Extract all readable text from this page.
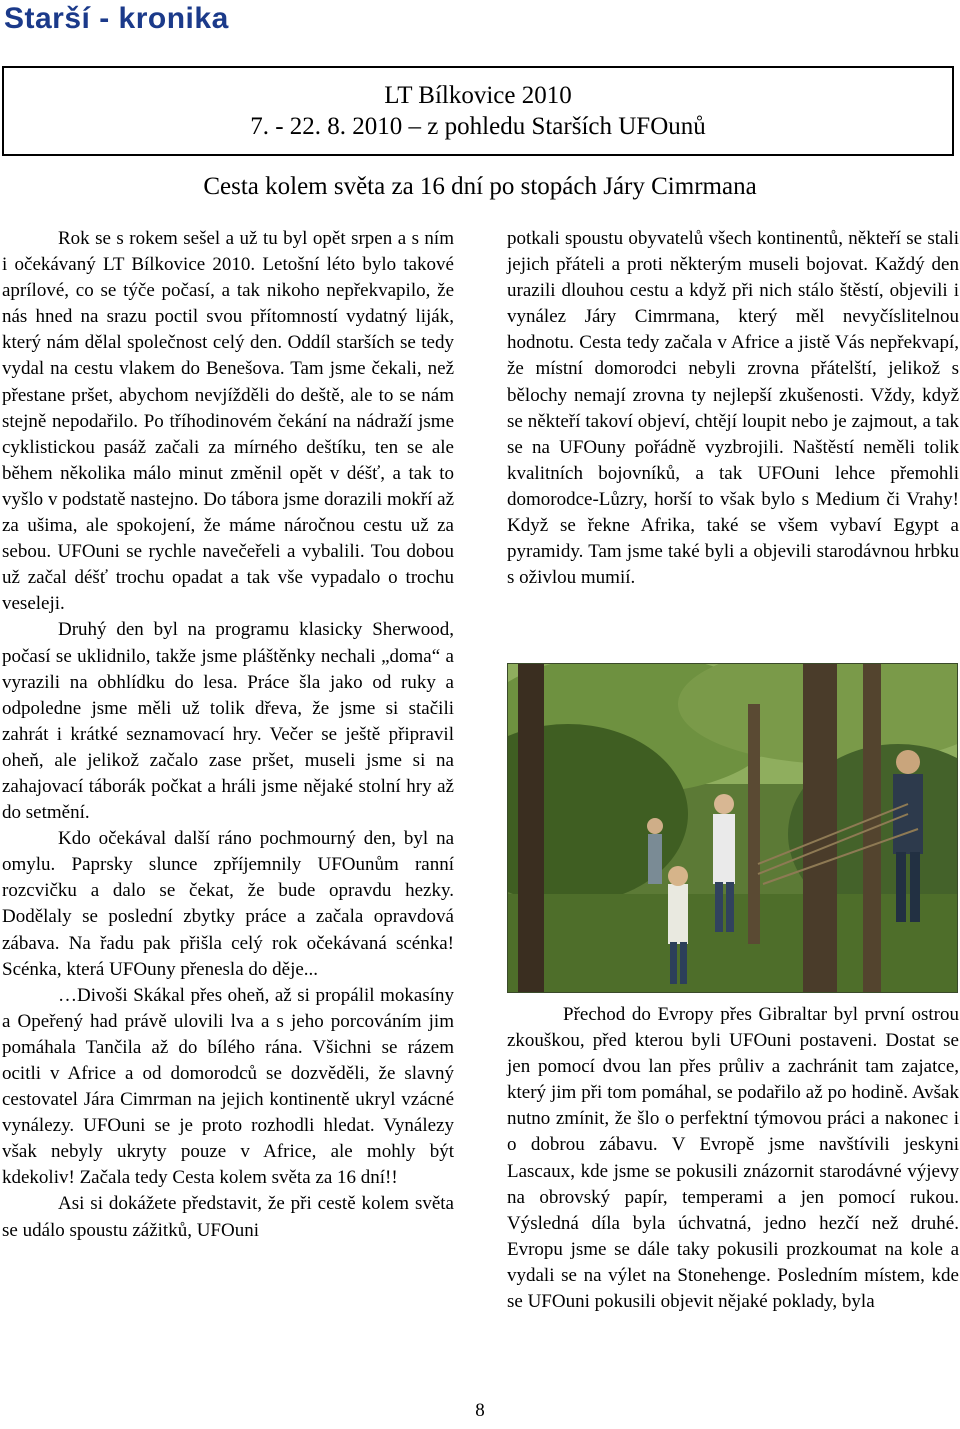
Starší - kronika
LT Bílkovice 2010
7. - 22. 8. 2010 – z pohledu Starších UFOunů
Cesta kolem světa za 16 dní po stopách Járy Cimrmana

Rok se s rokem sešel a už tu byl opět srpen a s ním i očekávaný LT Bílkovice 2010. Letošní léto bylo takové aprílové, co se týče počasí, a tak nikoho nepřekvapilo, že nás hned na srazu poctil svou přítomností vydatný liják, který nám dělal společnost celý den. Oddíl starších se tedy vydal na cestu vlakem do Benešova. Tam jsme čekali, než přestane pršet, abychom nevjížděli do deště, ale to se nám stejně nepodařilo. Po tříhodinovém čekání na nádraží jsme cyklistickou pasáž začali za mírného deštíku, ten se ale během několika málo minut změnil opět v déšť, a tak to vyšlo v podstatě nastejno. Do tábora jsme dorazili mokří až za ušima, ale spokojení, že máme náročnou cestu už za sebou. UFOuni se rychle navečeřeli a vybalili. Tou dobou už začal déšť trochu opadat a tak vše vypadalo o trochu veseleji.

Druhý den byl na programu klasicky Sherwood, počasí se uklidnilo, takže jsme pláštěnky nechali „doma“ a vyrazili na obhlídku do lesa. Práce šla jako od ruky a odpoledne jsme měli už tolik dřeva, že jsme si stačili zahrát i krátké seznamovací hry. Večer se ještě připravil oheň, ale jelikož začalo zase pršet, museli jsme si na zahajovací táborák počkat a hráli jsme nějaké stolní hry až do setmění.

Kdo očekával další ráno pochmourný den, byl na omylu. Paprsky slunce zpříjemnily UFOunům ranní rozcvičku a dalo se čekat, že bude opravdu hezky. Dodělaly se poslední zbytky práce a začala opravdová zábava. Na řadu pak přišla celý rok očekávaná scénka! Scénka, která UFOuny přenesla do děje...

…Divoši Skákal přes oheň, až si propálil mokasíny a Opeřený had právě ulovili lva a s jeho porcováním jim pomáhala Tančila až do bílého rána. Všichni se rázem ocitli v Africe a od domorodců se dozvěděli, že slavný cestovatel Jára Cimrman na jejich kontinentě ukryl vzácné vynálezy. UFOuni se je proto rozhodli hledat. Vynálezy však nebyly ukryty pouze v Africe, ale mohly být kdekoliv! Začala tedy Cesta kolem světa za 16 dní!!

Asi si dokážete představit, že při cestě kolem světa se událo spoustu zážitků, UFOuni

potkali spoustu obyvatelů všech kontinentů, někteří se stali jejich přáteli a proti některým museli bojovat. Každý den urazili dlouhou cestu a když při nich stálo štěstí, objevili i vynález Járy Cimrmana, který měl nevyčíslitelnou hodnotu. Cesta tedy začala v Africe a jistě Vás nepřekvapí, že místní domorodci nebyli zrovna přátelští, jelikož s bělochy nemají zrovna ty nejlepší zkušenosti. Vždy, když se někteří takoví objeví, chtějí loupit nebo je zajmout, a tak se na UFOuny pořádně vyzbrojili. Naštěstí neměli tolik kvalitních bojovníků, a tak UFOuni lehce přemohli domorodce-Lůzry, horší to však bylo s Medium či Vrahy! Když se řekne Afrika, také se všem vybaví Egypt a pyramidy. Tam jsme také byli a objevili starodávnou hrbku s oživlou mumií.

Přechod do Evropy přes Gibraltar byl první ostrou zkouškou, před kterou byli UFOuni postaveni. Dostat se jen pomocí dvou lan přes průliv a zachránit tam zajatce, který jim při tom pomáhal, se podařilo až po hodině. Avšak nutno zmínit, že šlo o perfektní týmovou práci a nakonec i o dobrou zábavu. V Evropě jsme navštívili jeskyni Lascaux, kde jsme se pokusili znázornit starodávné výjevy na obrovský papír, temperami a jen pomocí rukou. Výsledná díla byla úchvatná, jedno hezčí než druhé. Evropu jsme se dále taky pokusili prozkoumat na kole a vydali se na výlet na Stonehenge. Posledním místem, kde se UFOuni pokusili objevit nějaké poklady, byla

8
